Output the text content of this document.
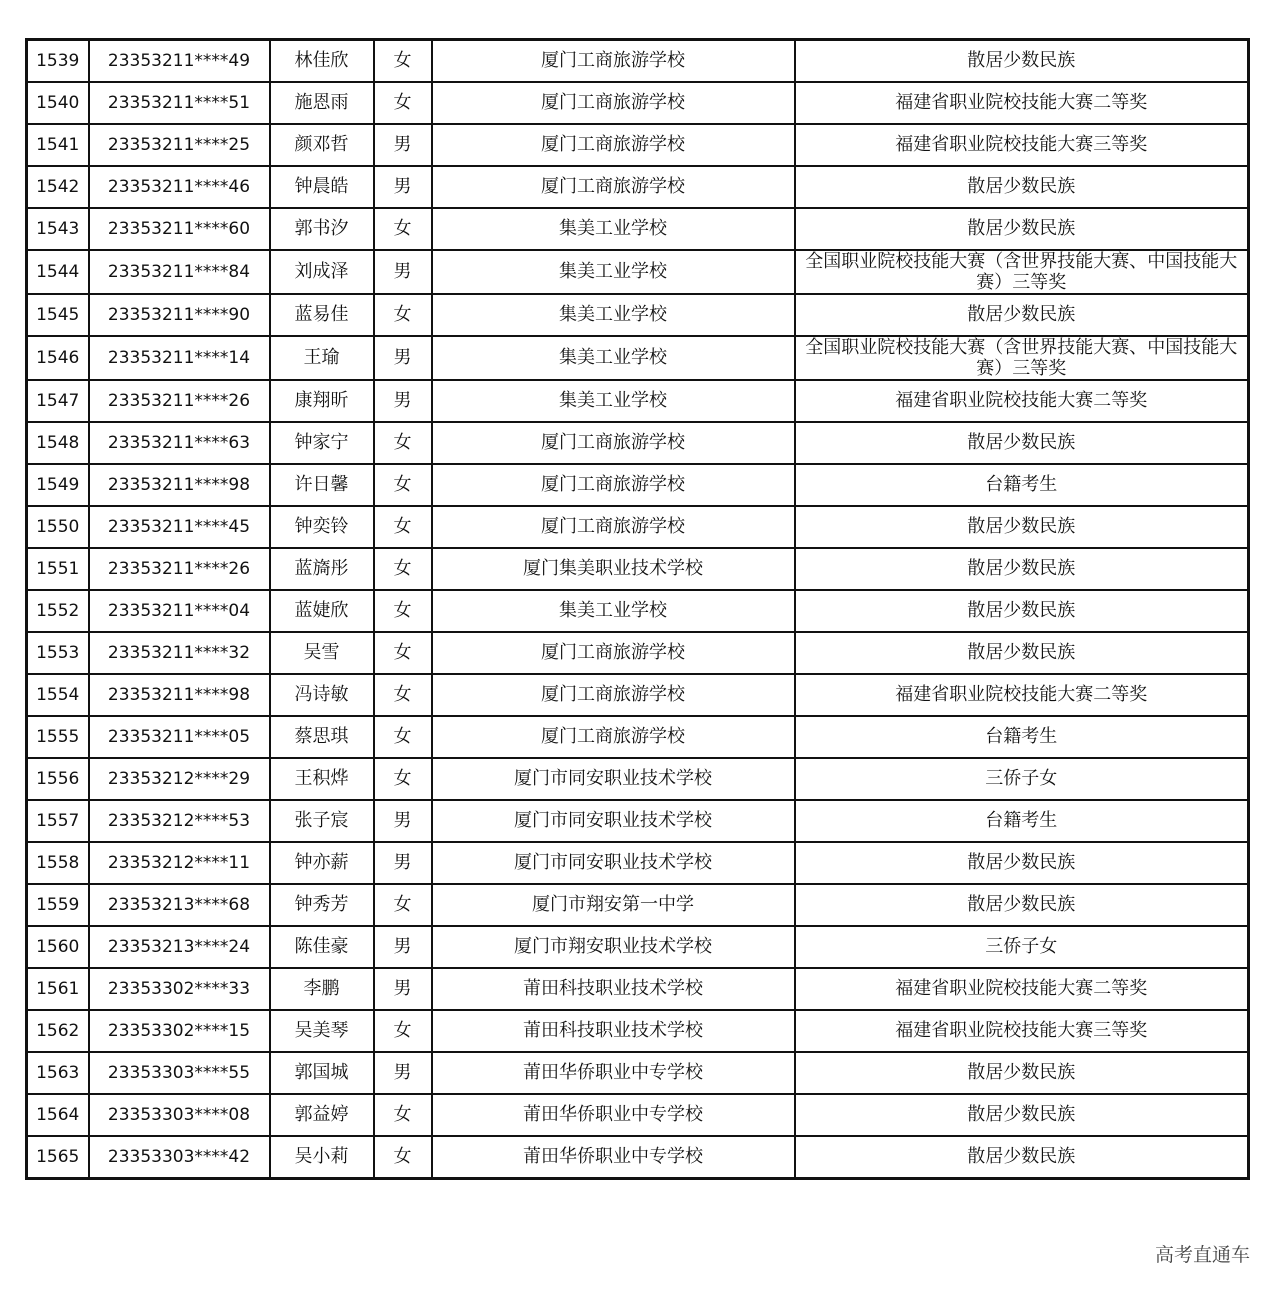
1539	23353211****49	林佳欣	女	厦门工商旅游学校	散居少数民族
1540	23353211****51	施恩雨	女	厦门工商旅游学校	福建省职业院校技能大赛二等奖
1541	23353211****25	颜邓哲	男	厦门工商旅游学校	福建省职业院校技能大赛三等奖
1542	23353211****46	钟晨皓	男	厦门工商旅游学校	散居少数民族
1543	23353211****60	郭书汐	女	集美工业学校	散居少数民族
1544	23353211****84	刘成泽	男	集美工业学校	全国职业院校技能大赛（含世界技能大赛、中国技能大赛）三等奖
1545	23353211****90	蓝易佳	女	集美工业学校	散居少数民族
1546	23353211****14	王瑜	男	集美工业学校	全国职业院校技能大赛（含世界技能大赛、中国技能大赛）三等奖
1547	23353211****26	康翔昕	男	集美工业学校	福建省职业院校技能大赛二等奖
1548	23353211****63	钟家宁	女	厦门工商旅游学校	散居少数民族
1549	23353211****98	许日馨	女	厦门工商旅游学校	台籍考生
1550	23353211****45	钟奕铃	女	厦门工商旅游学校	散居少数民族
1551	23353211****26	蓝旖彤	女	厦门集美职业技术学校	散居少数民族
1552	23353211****04	蓝婕欣	女	集美工业学校	散居少数民族
1553	23353211****32	吴雪	女	厦门工商旅游学校	散居少数民族
1554	23353211****98	冯诗敏	女	厦门工商旅游学校	福建省职业院校技能大赛二等奖
1555	23353211****05	蔡思琪	女	厦门工商旅游学校	台籍考生
1556	23353212****29	王积烨	女	厦门市同安职业技术学校	三侨子女
1557	23353212****53	张子宸	男	厦门市同安职业技术学校	台籍考生
1558	23353212****11	钟亦薪	男	厦门市同安职业技术学校	散居少数民族
1559	23353213****68	钟秀芳	女	厦门市翔安第一中学	散居少数民族
1560	23353213****24	陈佳豪	男	厦门市翔安职业技术学校	三侨子女
1561	23353302****33	李鹏	男	莆田科技职业技术学校	福建省职业院校技能大赛二等奖
1562	23353302****15	吴美琴	女	莆田科技职业技术学校	福建省职业院校技能大赛三等奖
1563	23353303****55	郭国城	男	莆田华侨职业中专学校	散居少数民族
1564	23353303****08	郭益婷	女	莆田华侨职业中专学校	散居少数民族
1565	23353303****42	吴小莉	女	莆田华侨职业中专学校	散居少数民族
高考直通车
